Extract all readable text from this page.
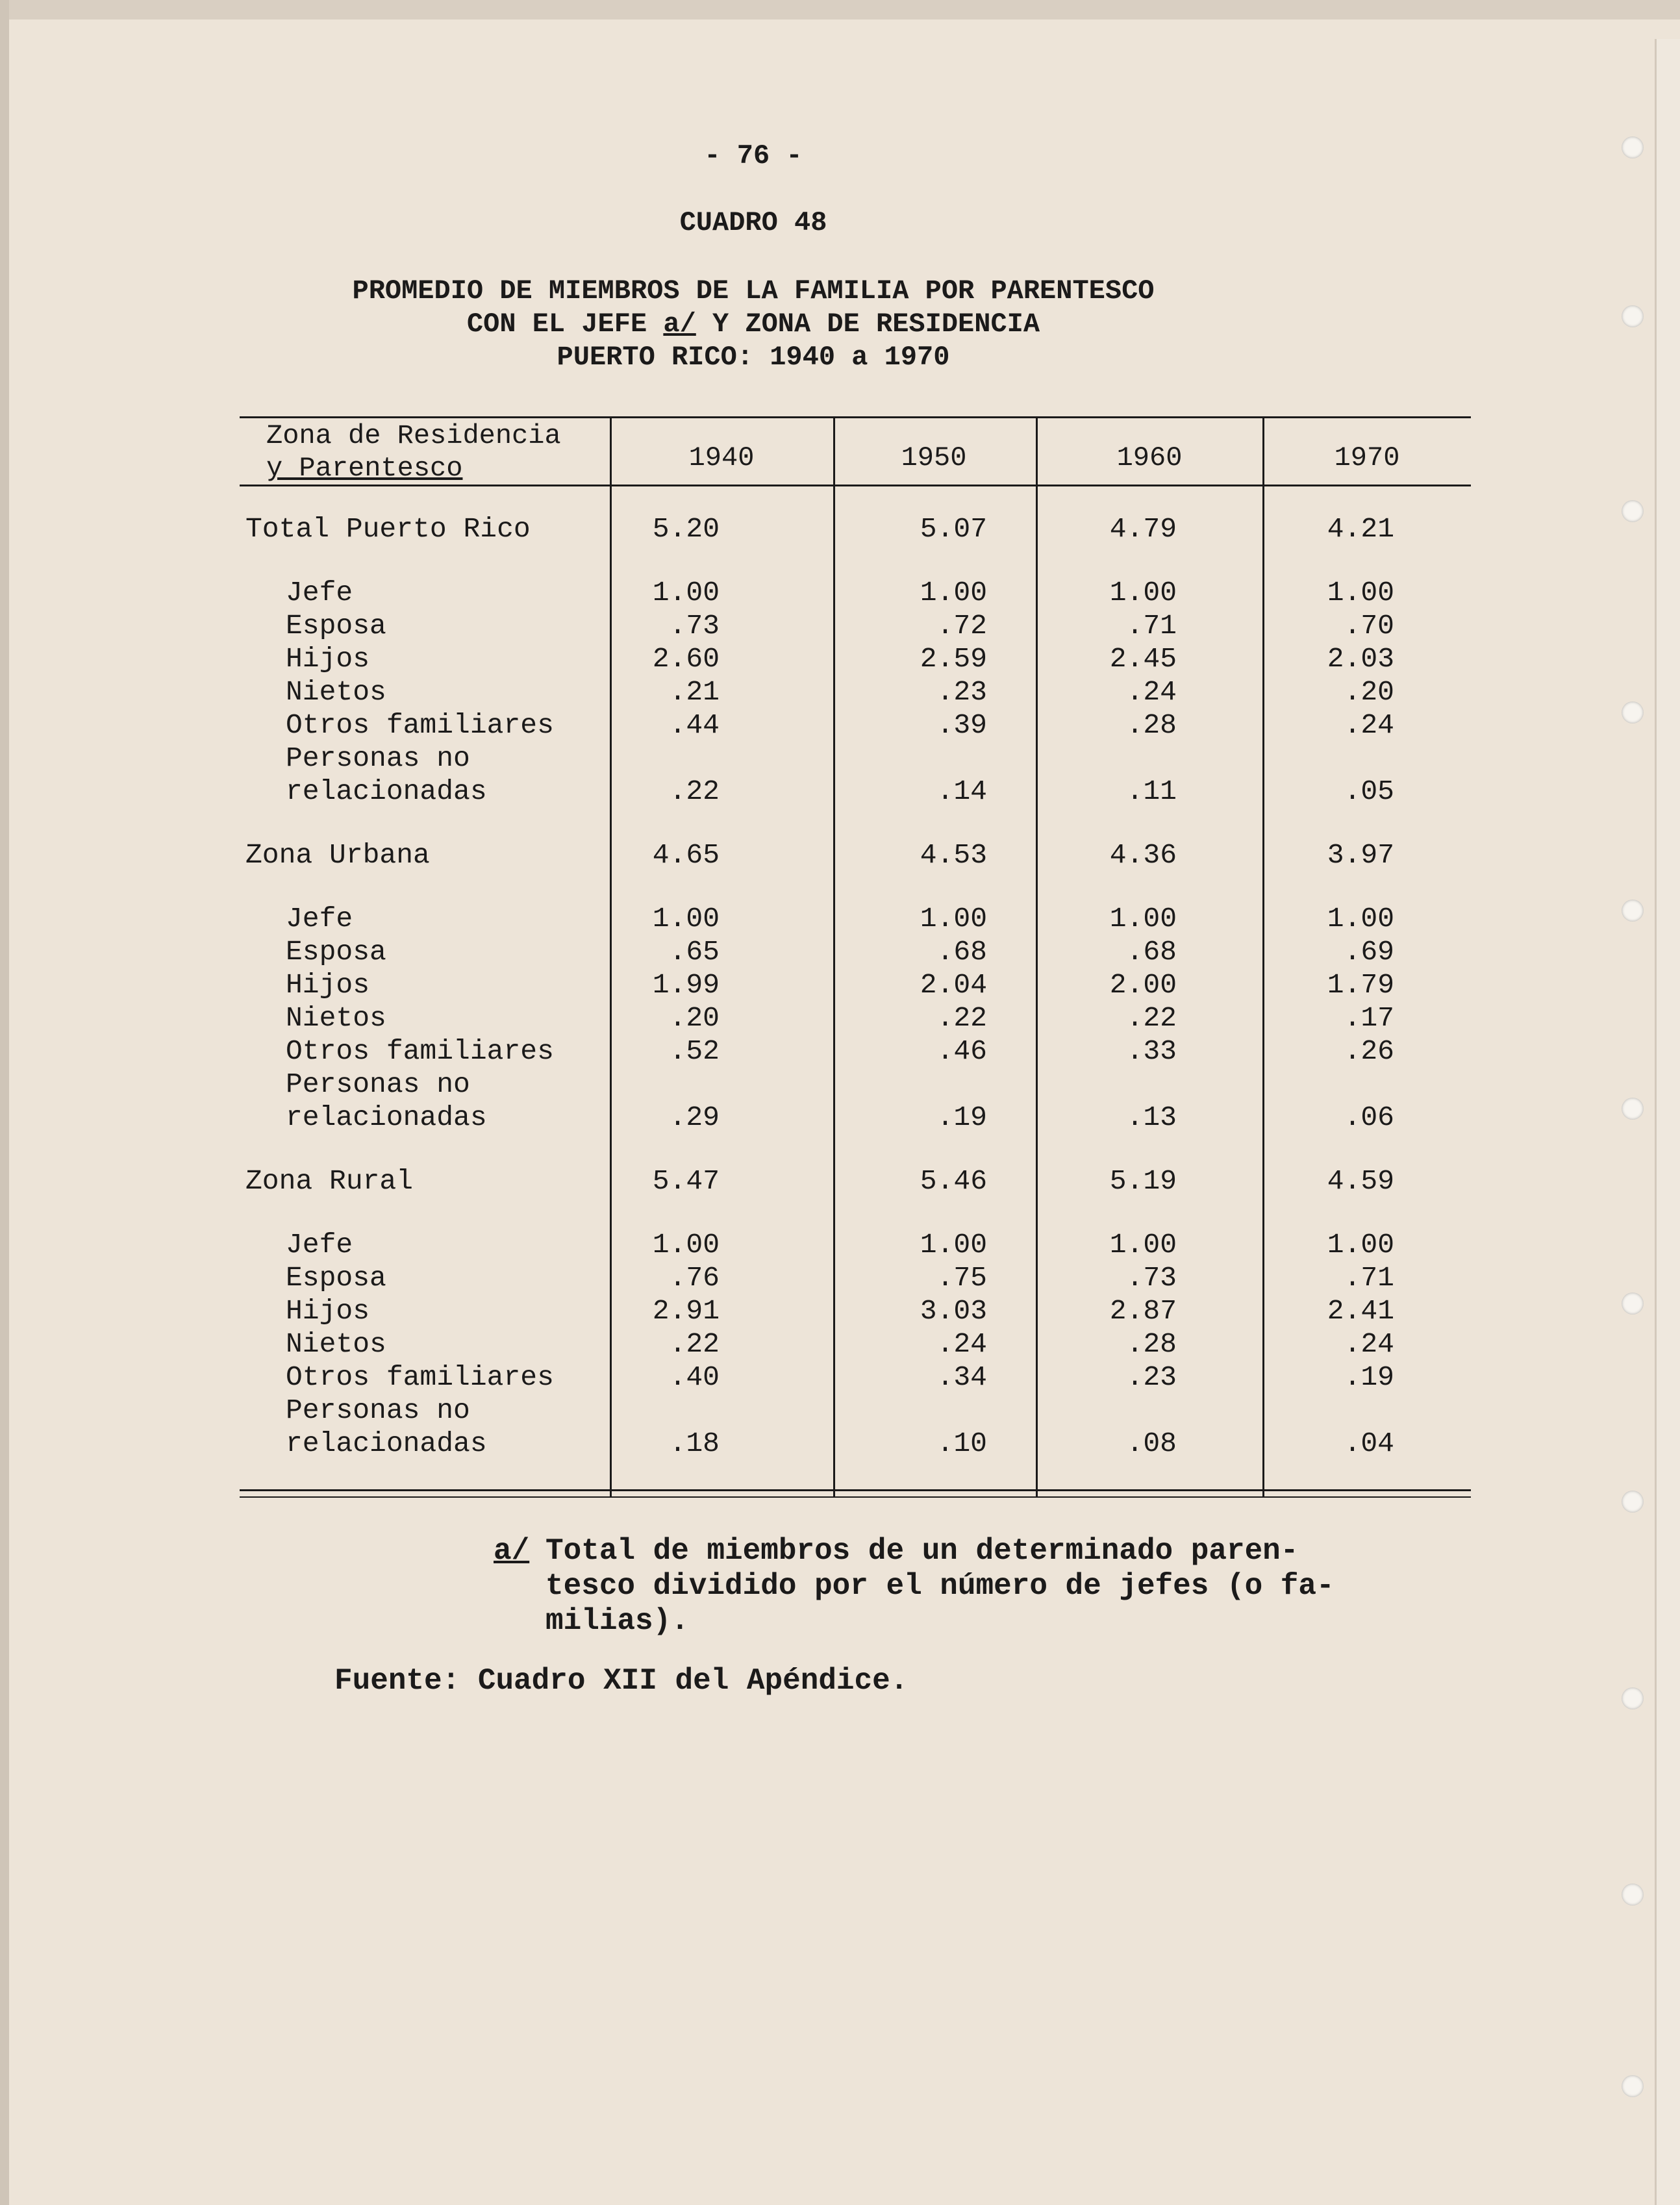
- 76 -
CUADRO 48
PROMEDIO DE MIEMBROS DE LA FAMILIA POR PARENTESCO
CON EL JEFE a/ Y ZONA DE RESIDENCIA
PUERTO RICO: 1940 a 1970
Zona de Residencia
y Parentesco	1940	1950	1960	1970
Total Puerto Rico	5.20	5.07	4.79	4.21
Jefe	1.00	1.00	1.00	1.00
Esposa	.73	.72	.71	.70
Hijos	2.60	2.59	2.45	2.03
Nietos	.21	.23	.24	.20
Otros familiares	.44	.39	.28	.24
Personas no
relacionadas	.22	.14	.11	.05
Zona Urbana	4.65	4.53	4.36	3.97
Jefe	1.00	1.00	1.00	1.00
Esposa	.65	.68	.68	.69
Hijos	1.99	2.04	2.00	1.79
Nietos	.20	.22	.22	.17
Otros familiares	.52	.46	.33	.26
Personas no
relacionadas	.29	.19	.13	.06
Zona Rural	5.47	5.46	5.19	4.59
Jefe	1.00	1.00	1.00	1.00
Esposa	.76	.75	.73	.71
Hijos	2.91	3.03	2.87	2.41
Nietos	.22	.24	.28	.24
Otros familiares	.40	.34	.23	.19
Personas no
relacionadas	.18	.10	.08	.04
a/ Total de miembros de un determinado paren-
tesco dividido por el número de jefes (o fa-
milias).
Fuente: Cuadro XII del Apéndice.
